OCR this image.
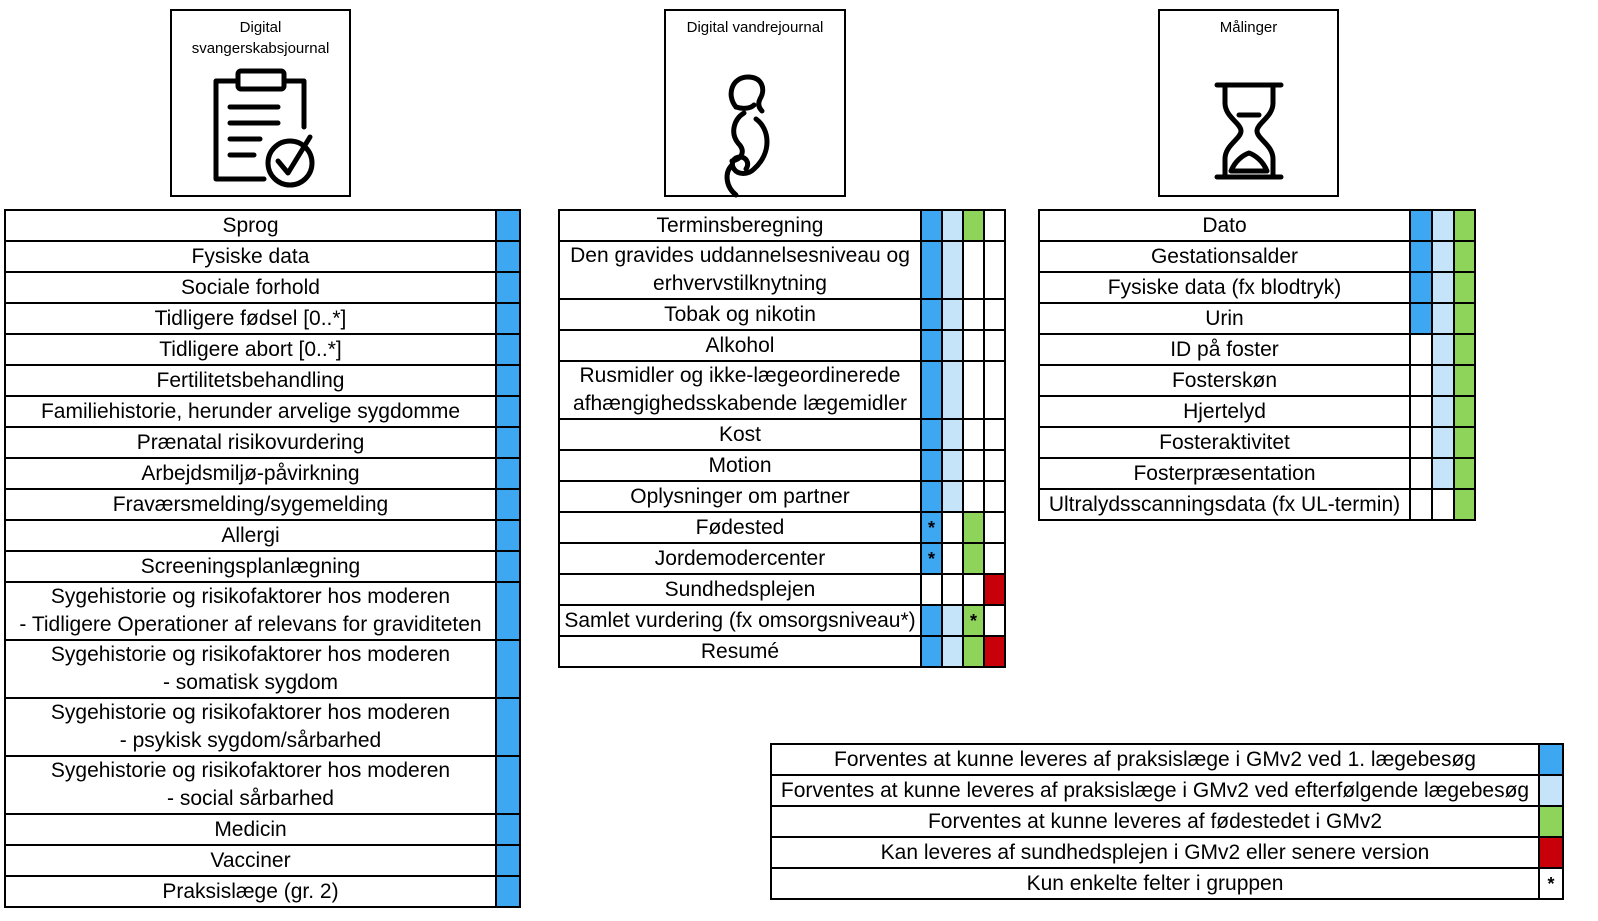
Digital
svangerskabsjournal
Digital vandrejournal	Målinger
Sprog	
Fysiske data	
Sociale forhold	
Tidligere fødsel [0..*]	
Tidligere abort [0..*]	
Fertilitetsbehandling	
Familiehistorie, herunder arvelige sygdomme	
Prænatal risikovurdering	
Arbejdsmiljø-påvirkning	
Fraværsmelding/sygemelding	
Allergi	
Screeningsplanlægning	

Sygehistorie og risikofaktorer hos moderen
- Tidligere Operationer af relevans for graviditeten	

Sygehistorie og risikofaktorer hos moderen
- somatisk sygdom	

Sygehistorie og risikofaktorer hos moderen
- psykisk sygdom/sårbarhed	

Sygehistorie og risikofaktorer hos moderen
- social sårbarhed	

Medicin	
Vacciner	
Praksislæge (gr. 2)	
Terminsberegning				

Den gravides uddannelsesniveau og
erhvervstilknytning				

Tobak og nikotin				
Alkohol				

Rusmidler og ikke-lægeordinerede
afhængighedsskabende lægemidler				

Kost				
Motion				
Oplysninger om partner				
Fødested	*			
Jordemodercenter	*			
Sundhedsplejen				
Samlet vurdering (fx omsorgsniveau*)			*	
Resumé				
Dato			
Gestationsalder			
Fysiske data (fx blodtryk)			
Urin			
ID på foster			
Fosterskøn			
Hjertelyd			
Fosteraktivitet			
Fosterpræsentation			
Ultralydsscanningsdata (fx UL-termin)			
Forventes at kunne leveres af praksislæge i GMv2 ved 1. lægebesøg	
Forventes at kunne leveres af praksislæge i GMv2 ved efterfølgende lægebesøg	
Forventes at kunne leveres af fødestedet i GMv2	
Kan leveres af sundhedsplejen i GMv2 eller senere version	
Kun enkelte felter i gruppen	*
